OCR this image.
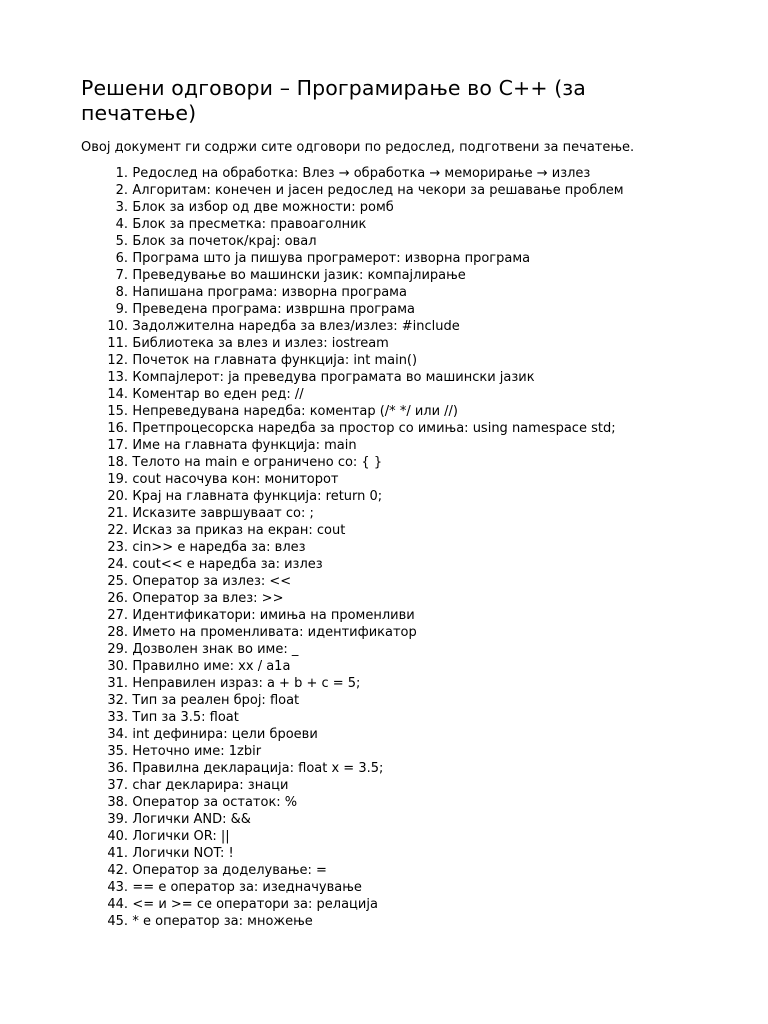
Решени одговори – Програмирање во C++ (за печатење)

Овој документ ги содржи сите одговори по редослед, подготвени за печатење.

1. Редослед на обработка: Влез → обработка → меморирање → излез
2. Алгоритам: конечен и јасен редослед на чекори за решавање проблем
3. Блок за избор од две можности: ромб
4. Блок за пресметка: правоаголник
5. Блок за почеток/крај: овал
6. Програма што ја пишува програмерот: изворна програма
7. Преведување во машински јазик: компајлирање
8. Напишана програма: изворна програма
9. Преведена програма: извршна програма
10. Задолжителна наредба за влез/излез: #include
11. Библиотека за влез и излез: iostream
12. Почеток на главната функција: int main()
13. Компајлерот: ја преведува програмата во машински јазик
14. Коментар во еден ред: //
15. Непреведувана наредба: коментар (/* */ или //)
16. Претпроцесорска наредба за простор со имиња: using namespace std;
17. Име на главната функција: main
18. Телото на main е ограничено со: { }
19. cout насочува кон: мониторот
20. Крај на главната функција: return 0;
21. Исказите завршуваат со: ;
22. Исказ за приказ на екран: cout
23. cin>> е наредба за: влез
24. cout<< е наредба за: излез
25. Оператор за излез: <<
26. Оператор за влез: >>
27. Идентификатори: имиња на променливи
28. Името на променливата: идентификатор
29. Дозволен знак во име: _
30. Правилно име: xx / a1a
31. Неправилен израз: a + b + c = 5;
32. Тип за реален број: float
33. Тип за 3.5: float
34. int дефинира: цели броеви
35. Неточно име: 1zbir
36. Правилна декларација: float x = 3.5;
37. char декларира: знаци
38. Оператор за остаток: %
39. Логички AND: &&
40. Логички OR: ||
41. Логички NOT: !
42. Оператор за доделување: =
43. == е оператор за: изедначување
44. <= и >= се оператори за: релација
45. * е оператор за: множење
